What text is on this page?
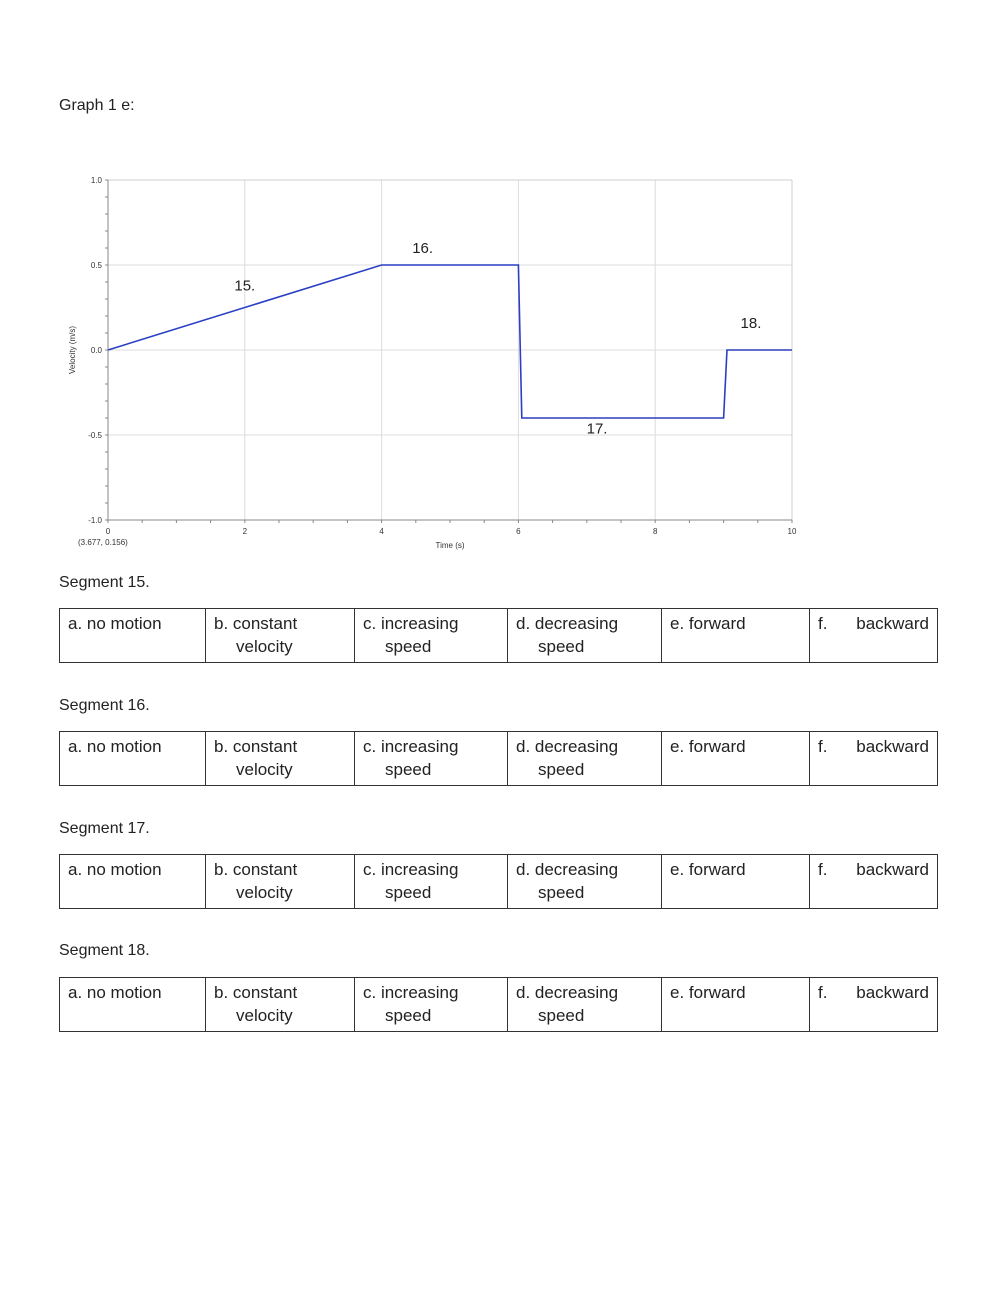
Graph 1 e:
1.0
0.5
0.0
-0.5
-1.0
0	2	4	6	8	10
Time (s)
Velocity (m/s)
(3.677, 0.156)
15.
16.
17.
18.
Segment 15.
a. no motion	b. constant
velocity
	c. increasing
speed
	d. decreasing
speed
	e. forward	f. backward
Segment 16.
a. no motion	b. constant
velocity
	c. increasing
speed
	d. decreasing
speed
	e. forward	f. backward
Segment 17.
a. no motion	b. constant
velocity
	c. increasing
speed
	d. decreasing
speed
	e. forward	f. backward
Segment 18.
a. no motion	b. constant
velocity
	c. increasing
speed
	d. decreasing
speed
	e. forward	f. backward
